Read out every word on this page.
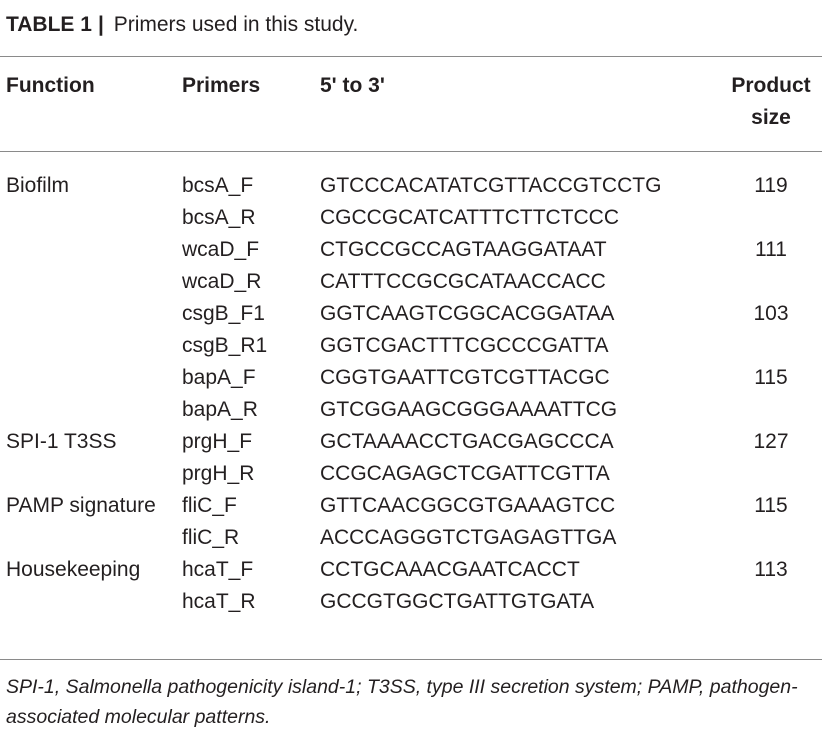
TABLE 1 | Primers used in this study.
Function	Primers	5' to 3'	Product size
Biofilm	bcsA_F	GTCCCACATATCGTTACCGTCCTG	119
	bcsA_R	CGCCGCATCATTTCTTCTCCC	
	wcaD_F	CTGCCGCCAGTAAGGATAAT	111
	wcaD_R	CATTTCCGCGCATAACCACC	
	csgB_F1	GGTCAAGTCGGCACGGATAA	103
	csgB_R1	GGTCGACTTTCGCCCGATTA	
	bapA_F	CGGTGAATTCGTCGTTACGC	115
	bapA_R	GTCGGAAGCGGGAAAATTCG	
SPI-1 T3SS	prgH_F	GCTAAAACCTGACGAGCCCA	127
	prgH_R	CCGCAGAGCTCGATTCGTTA	
PAMP signature	fliC_F	GTTCAACGGCGTGAAAGTCC	115
	fliC_R	ACCCAGGGTCTGAGAGTTGA	
Housekeeping	hcaT_F	CCTGCAAACGAATCACCT	113
	hcaT_R	GCCGTGGCTGATTGTGATA	
SPI-1, Salmonella pathogenicity island-1; T3SS, type III secretion system; PAMP, pathogen-associated molecular patterns.
